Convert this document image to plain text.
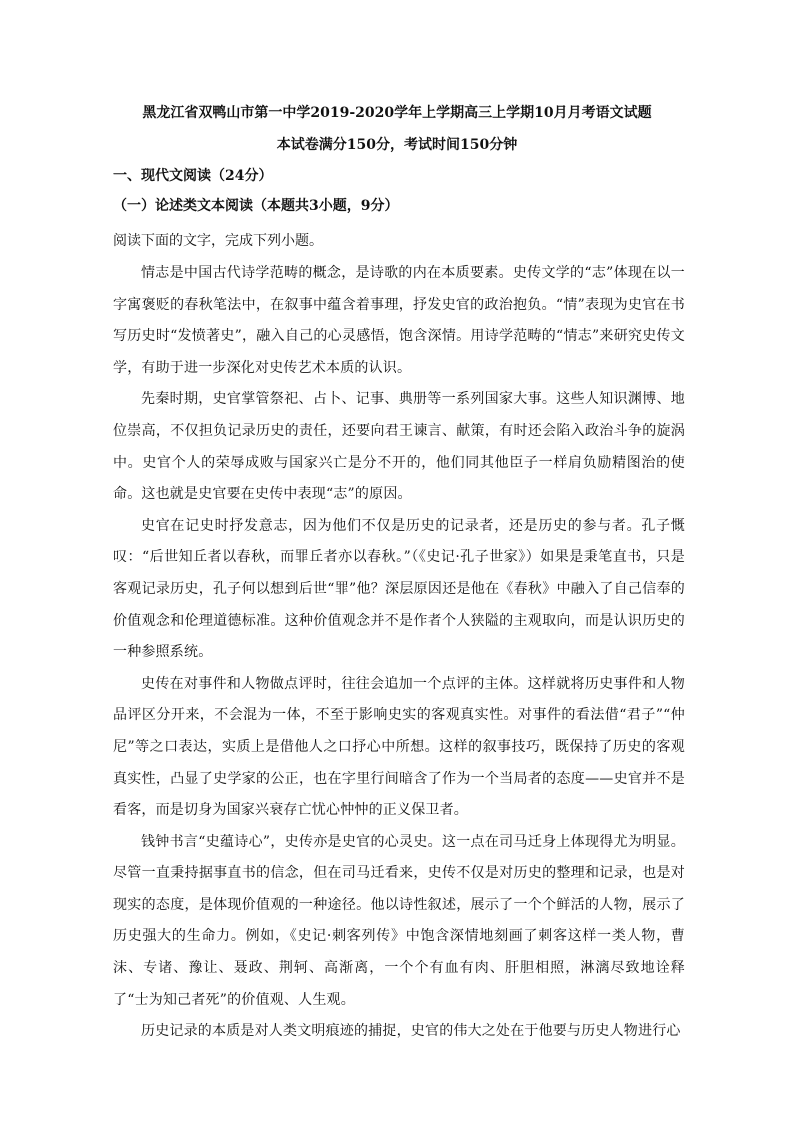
黑龙江省双鸭山市第一中学2019-2020学年上学期高三上学期10月月考语文试题
本试卷满分150分，考试时间150分钟
一、现代文阅读（24分）
（一）论述类文本阅读（本题共3小题，9分）
阅读下面的文字，完成下列小题。

情志是中国古代诗学范畴的概念，是诗歌的内在本质要素。史传文学的“志”体现在以一字寓褒贬的春秋笔法中，在叙事中蕴含着事理，抒发史官的政治抱负。“情”表现为史官在书写历史时“发愤著史”，融入自己的心灵感悟，饱含深情。用诗学范畴的“情志”来研究史传文学，有助于进一步深化对史传艺术本质的认识。

先秦时期，史官掌管祭祀、占卜、记事、典册等一系列国家大事。这些人知识渊博、地位崇高，不仅担负记录历史的责任，还要向君王谏言、献策，有时还会陷入政治斗争的旋涡中。史官个人的荣辱成败与国家兴亡是分不开的，他们同其他臣子一样肩负励精图治的使命。这也就是史官要在史传中表现“志”的原因。

史官在记史时抒发意志，因为他们不仅是历史的记录者，还是历史的参与者。孔子慨叹：“后世知丘者以春秋，而罪丘者亦以春秋。”（《史记·孔子世家》）如果是秉笔直书，只是客观记录历史，孔子何以想到后世“罪”他？深层原因还是他在《春秋》中融入了自己信奉的价值观念和伦理道德标准。这种价值观念并不是作者个人狭隘的主观取向，而是认识历史的一种参照系统。

史传在对事件和人物做点评时，往往会追加一个点评的主体。这样就将历史事件和人物品评区分开来，不会混为一体，不至于影响史实的客观真实性。对事件的看法借“君子”“仲尼”等之口表达，实质上是借他人之口抒心中所想。这样的叙事技巧，既保持了历史的客观真实性，凸显了史学家的公正，也在字里行间暗含了作为一个当局者的态度——史官并不是看客，而是切身为国家兴衰存亡忧心忡忡的正义保卫者。

钱钟书言“史蕴诗心”，史传亦是史官的心灵史。这一点在司马迁身上体现得尤为明显。尽管一直秉持据事直书的信念，但在司马迁看来，史传不仅是对历史的整理和记录，也是对现实的态度，是体现价值观的一种途径。他以诗性叙述，展示了一个个鲜活的人物，展示了历史强大的生命力。例如，《史记·刺客列传》中饱含深情地刻画了刺客这样一类人物，曹沫、专诸、豫让、聂政、荆轲、高渐离，一个个有血有肉、肝胆相照，淋漓尽致地诠释了“士为知己者死”的价值观、人生观。

历史记录的本质是对人类文明痕迹的捕捉，史官的伟大之处在于他要与历史人物进行心
